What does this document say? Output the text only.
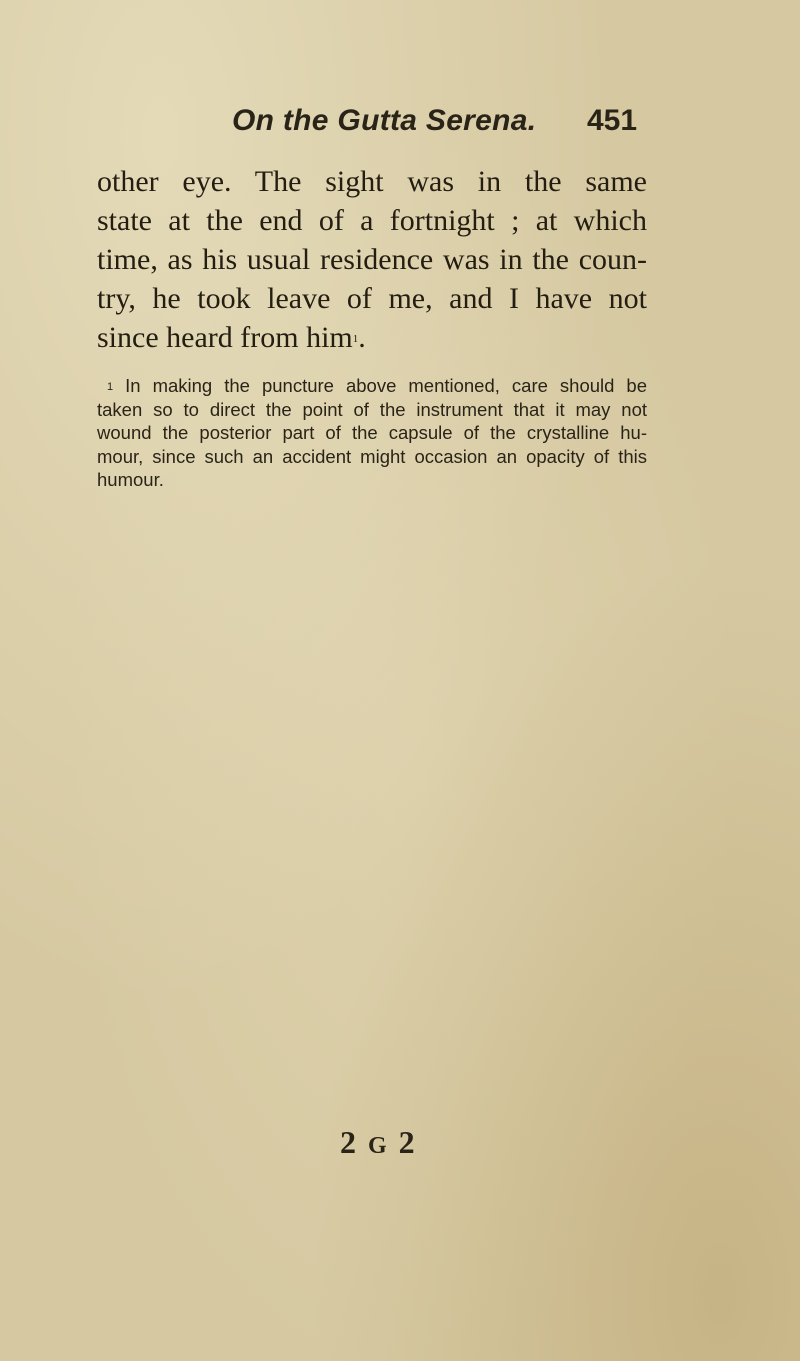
On the Gutta Serena. 451
other eye. The sight was in the same
state at the end of a fortnight ; at which
time, as his usual residence was in the coun-
try, he took leave of me, and I have not
since heard from him$^1$.
$^1$ In making the puncture above mentioned, care should be
taken so to direct the point of the instrument that it may not
wound the posterior part of the capsule of the crystalline hu-
mour, since such an accident might occasion an opacity of this
humour.
2 G 2
